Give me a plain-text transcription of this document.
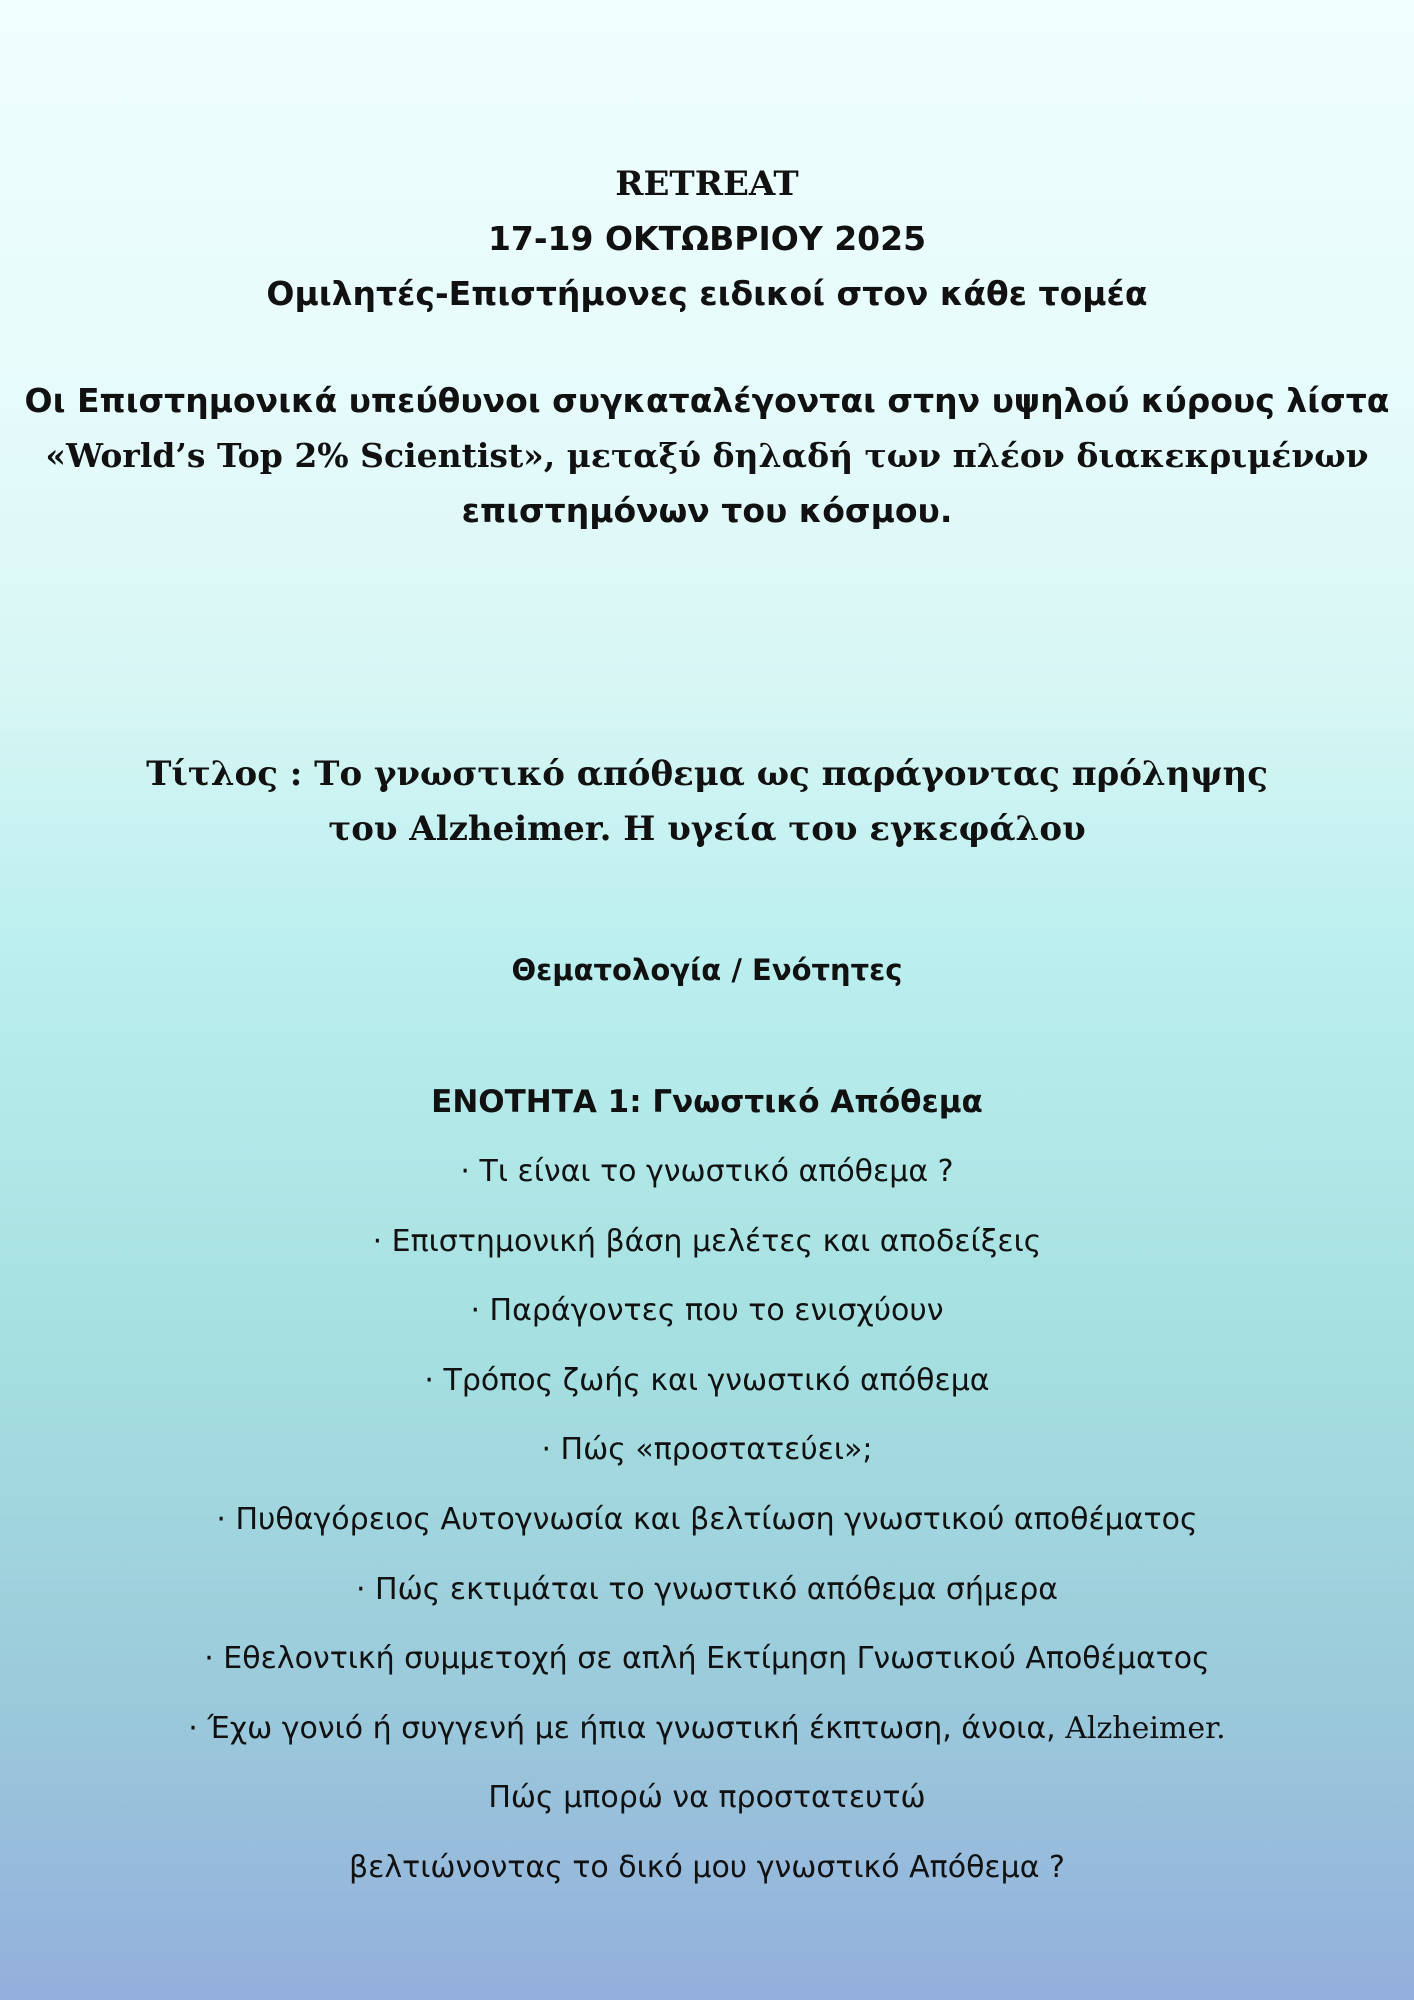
RETREAT
17-19 ΟΚΤΩΒΡΙΟΥ 2025
Ομιλητές-Επιστήμονες ειδικοί στον κάθε τομέα
Οι Επιστημονικά υπεύθυνοι συγκαταλέγονται στην υψηλού κύρους λίστα
«World’s Top 2% Scientist», μεταξύ δηλαδή των πλέον διακεκριμένων
επιστημόνων του κόσμου.
Τίτλος : Το γνωστικό απόθεμα ως παράγοντας πρόληψης
του Alzheimer. Η υγεία του εγκεφάλου
Θεματολογία / Ενότητες
ΕΝΟΤΗΤΑ 1: Γνωστικό Απόθεμα
· Τι είναι το γνωστικό απόθεμα ?
· Επιστημονική βάση μελέτες και αποδείξεις
· Παράγοντες που το ενισχύουν
· Τρόπος ζωής και γνωστικό απόθεμα
· Πώς «προστατεύει»;
· Πυθαγόρειος Αυτογνωσία και βελτίωση γνωστικού αποθέματος
· Πώς εκτιμάται το γνωστικό απόθεμα σήμερα
· Εθελοντική συμμετοχή σε απλή Εκτίμηση Γνωστικού Αποθέματος
· Έχω γονιό ή συγγενή με ήπια γνωστική έκπτωση, άνοια, Alzheimer.
Πώς μπορώ να προστατευτώ
βελτιώνοντας το δικό μου γνωστικό Απόθεμα ?
